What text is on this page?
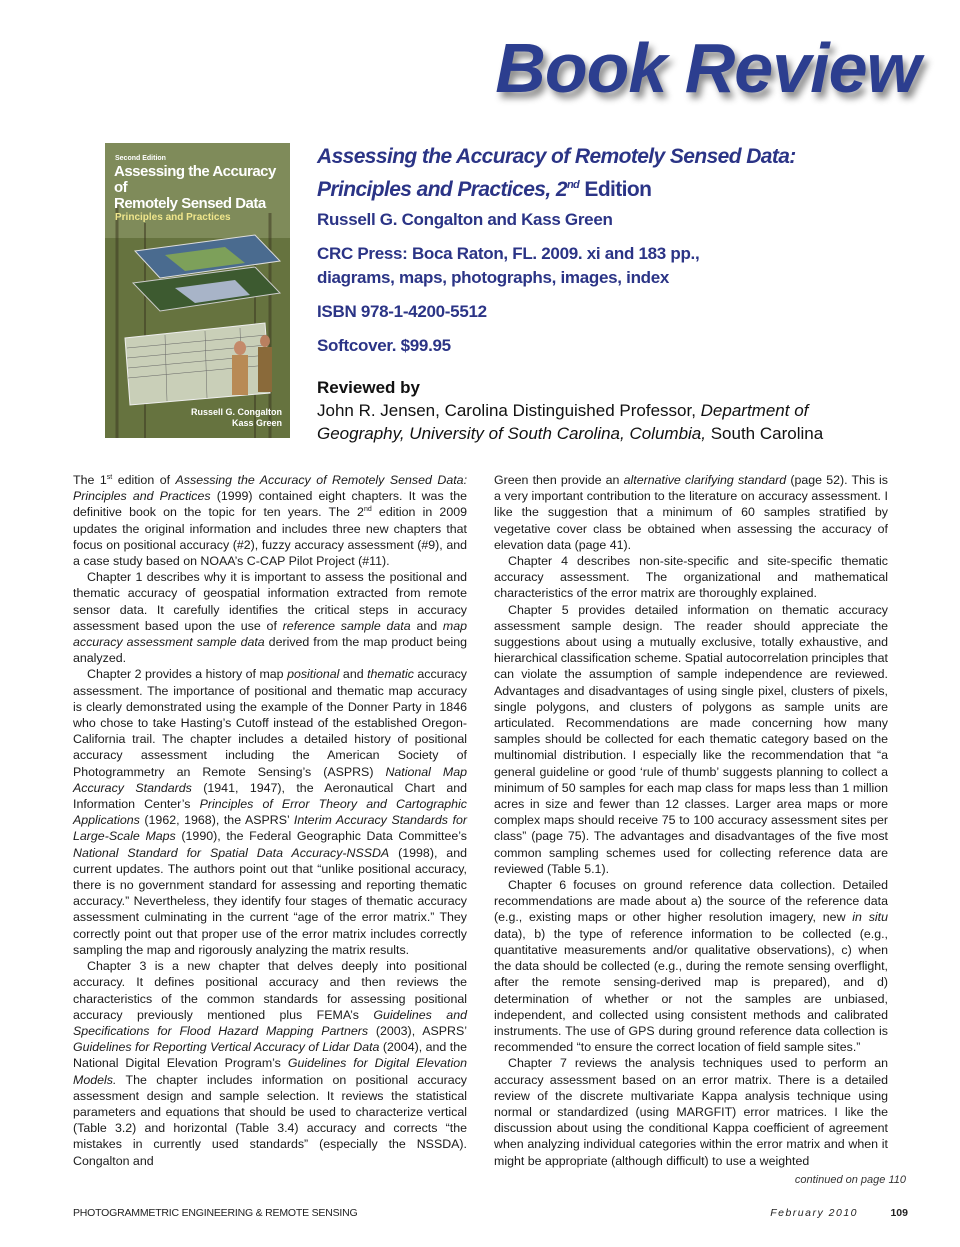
Book Review
Second Edition
Assessing the Accuracy of
Remotely Sensed Data
Principles and Practices
Russell G. Congalton
Kass Green
Assessing the Accuracy of Remotely Sensed Data:
Principles and Practices, 2nd Edition
Russell G. Congalton and Kass Green
CRC Press: Boca Raton, FL. 2009. xi and 183 pp.,
diagrams, maps, photographs, images, index
ISBN 978-1-4200-5512
Softcover. $99.95
Reviewed by
John R. Jensen, Carolina Distinguished Professor, Department of
Geography, University of South Carolina, Columbia, South Carolina

The 1st edition of Assessing the Accuracy of Remotely Sensed Data: Principles and Practices (1999) contained eight chapters. It was the definitive book on the topic for ten years. The 2nd edition in 2009 updates the original information and includes three new chapters that focus on positional accuracy (#2), fuzzy accuracy assessment (#9), and a case study based on NOAA’s C-CAP Pilot Project (#11).

Chapter 1 describes why it is important to assess the positional and thematic accuracy of geospatial information extracted from remote sensor data. It carefully identifies the critical steps in accuracy assessment based upon the use of reference sample data and map accuracy assessment sample data derived from the map product being analyzed.

Chapter 2 provides a history of map positional and thematic accuracy assessment. The importance of positional and thematic map accuracy is clearly demonstrated using the example of the Donner Party in 1846 who chose to take Hasting’s Cutoff instead of the established Oregon-California trail. The chapter includes a detailed history of positional accuracy assessment including the American Society of Photogrammetry an Remote Sensing’s (ASPRS) National Map Accuracy Standards (1941, 1947), the Aeronautical Chart and Information Center’s Principles of Error Theory and Cartographic Applications (1962, 1968), the ASPRS’ Interim Accuracy Standards for Large-Scale Maps (1990), the Federal Geographic Data Committee’s National Standard for Spatial Data Accuracy-NSSDA (1998), and current updates. The authors point out that “unlike positional accuracy, there is no government standard for assessing and reporting thematic accuracy.” Nevertheless, they identify four stages of thematic accuracy assessment culminating in the current “age of the error matrix.” They correctly point out that proper use of the error matrix includes correctly sampling the map and rigorously analyzing the matrix results.

Chapter 3 is a new chapter that delves deeply into positional accuracy. It defines positional accuracy and then reviews the characteristics of the common standards for assessing positional accuracy previously mentioned plus FEMA’s Guidelines and Specifications for Flood Hazard Mapping Partners (2003), ASPRS’ Guidelines for Reporting Vertical Accuracy of Lidar Data (2004), and the National Digital Elevation Program’s Guidelines for Digital Elevation Models. The chapter includes information on positional accuracy assessment design and sample selection. It reviews the statistical parameters and equations that should be used to characterize vertical (Table 3.2) and horizontal (Table 3.4) accuracy and corrects “the mistakes in currently used standards” (especially the NSSDA). Congalton and

Green then provide an alternative clarifying standard (page 52). This is a very important contribution to the literature on accuracy assessment. I like the suggestion that a minimum of 60 samples stratified by vegetative cover class be obtained when assessing the accuracy of elevation data (page 41).

Chapter 4 describes non-site-specific and site-specific thematic accuracy assessment. The organizational and mathematical characteristics of the error matrix are thoroughly explained.

Chapter 5 provides detailed information on thematic accuracy assessment sample design. The reader should appreciate the suggestions about using a mutually exclusive, totally exhaustive, and hierarchical classification scheme. Spatial autocorrelation principles that can violate the assumption of sample independence are reviewed. Advantages and disadvantages of using single pixel, clusters of pixels, single polygons, and clusters of polygons as sample units are articulated. Recommendations are made concerning how many samples should be collected for each thematic category based on the multinomial distribution. I especially like the recommendation that “a general guideline or good ‘rule of thumb’ suggests planning to collect a minimum of 50 samples for each map class for maps less than 1 million acres in size and fewer than 12 classes. Larger area maps or more complex maps should receive 75 to 100 accuracy assessment sites per class” (page 75). The advantages and disadvantages of the five most common sampling schemes used for collecting reference data are reviewed (Table 5.1).

Chapter 6 focuses on ground reference data collection. Detailed recommendations are made about a) the source of the reference data (e.g., existing maps or other higher resolution imagery, new in situ data), b) the type of reference information to be collected (e.g., quantitative measurements and/or qualitative observations), c) when the data should be collected (e.g., during the remote sensing overflight, after the remote sensing-derived map is prepared), and d) determination of whether or not the samples are unbiased, independent, and collected using consistent methods and calibrated instruments. The use of GPS during ground reference data collection is recommended “to ensure the correct location of field sample sites.”

Chapter 7 reviews the analysis techniques used to perform an accuracy assessment based on an error matrix. There is a detailed review of the discrete multivariate Kappa analysis technique using normal or standardized (using MARGFIT) error matrices. I like the discussion about using the conditional Kappa coefficient of agreement when analyzing individual categories within the error matrix and when it might be appropriate (although difficult) to use a weighted

continued on page 110
PHOTOGRAMMETRIC ENGINEERING & REMOTE SENSING	February 2010	109
